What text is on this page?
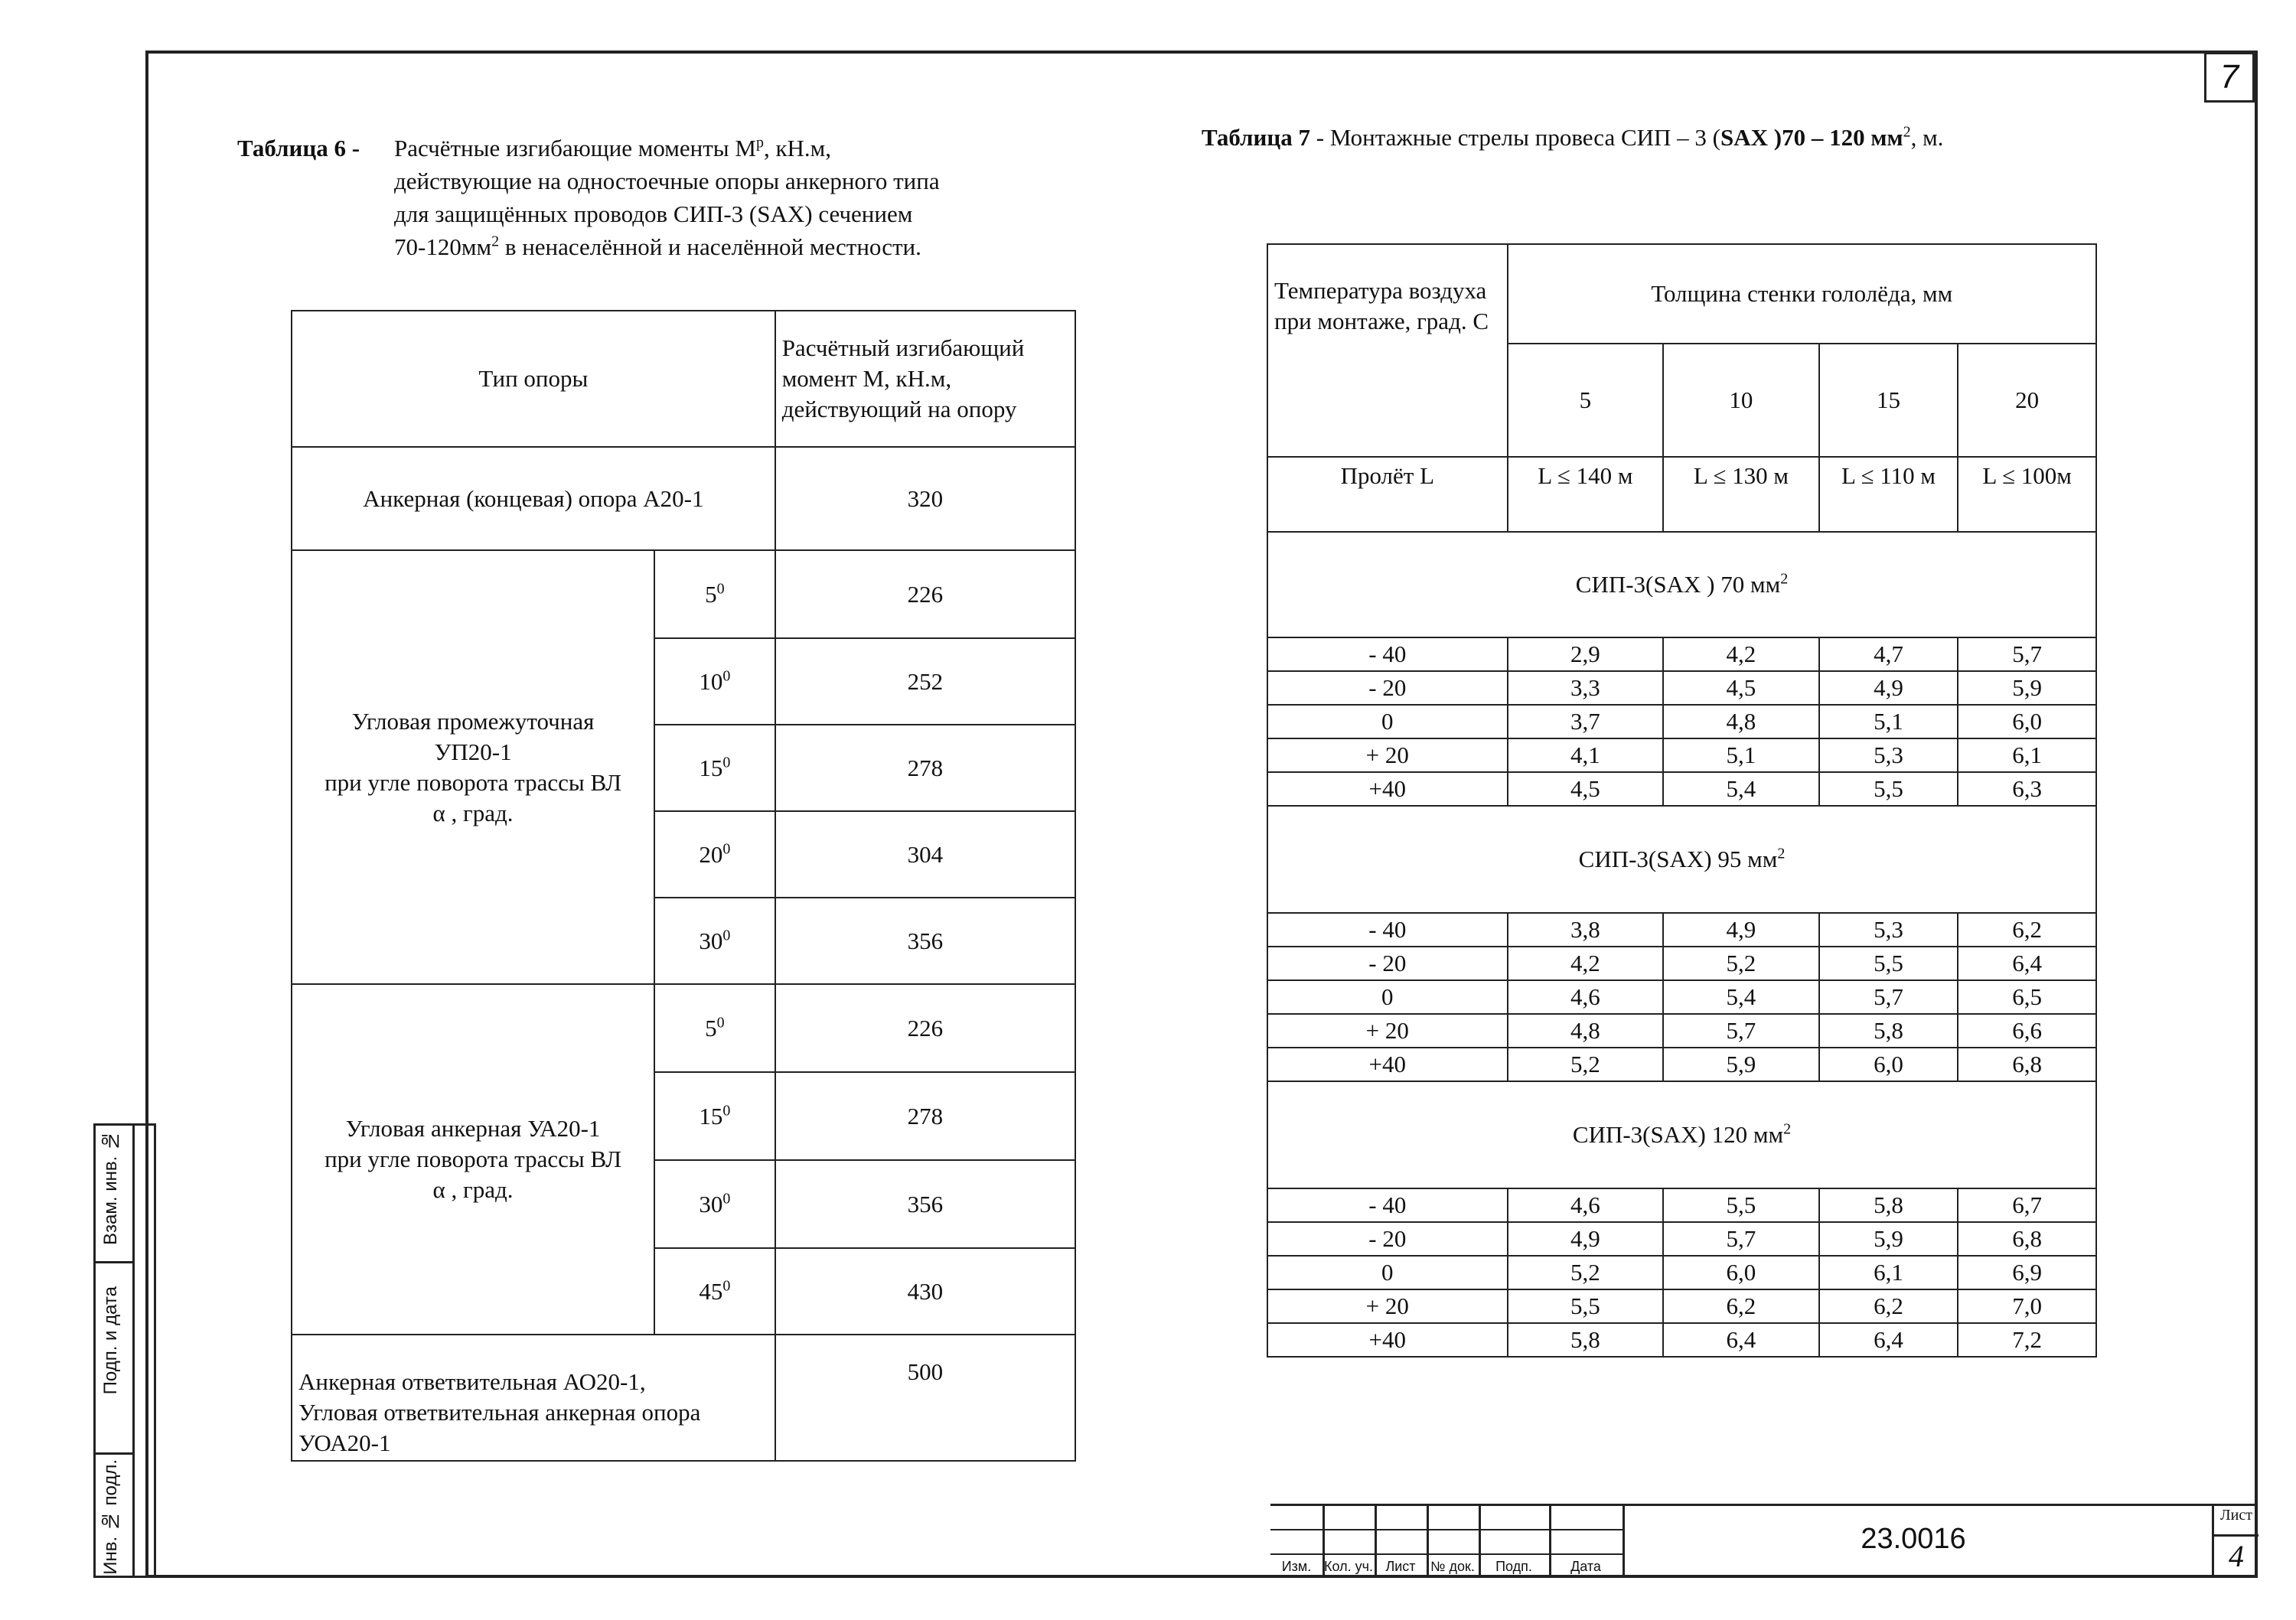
7
Таблица 6 - Расчётные изгибающие моменты $М^р$, кН.м,
действующие на одностоечные опоры анкерного типа
для защищённых проводов СИП-3 (SAX) сечением
$70-120мм^2$ в ненаселённой и населённой местности.
Тип опоры		Расчётный изгибающий момент М, кН.м, действующий на опору
Анкерная (концевая) опора А20-1		320

Угловая промежуточная
УП20-1
при угле поворота трассы ВЛ
α , град.	$5^0$	226
	$10^0$	252
	$15^0$	278
	$20^0$	304
	$30^0$	356

Угловая анкерная УА20-1
при угле поворота трассы ВЛ
α , град.	$5^0$	226
	$15^0$	278
	$30^0$	356
	$45^0$	430

Анкерная ответвительная АО20-1,
Угловая ответвительная анкерная опора
УОА20-1		500
Таблица 7 - Монтажные стрелы провеса СИП – 3 (SAX )70 – 120 $мм^2$, м.
Температура воздуха при монтаже, град. С	Толщина стенки гололёда, мм			
	5	10	15	20
Пролёт L	L ≤ 140 м	L ≤ 130 м	L ≤ 110 м	L ≤ 100м
СИП-3(SAX ) 70 $мм^2$
- 40	2,9	4,2	4,7	5,7
- 20	3,3	4,5	4,9	5,9
0	3,7	4,8	5,1	6,0
+ 20	4,1	5,1	5,3	6,1
+40	4,5	5,4	5,5	6,3
СИП-3(SAX) 95 $мм^2$
- 40	3,8	4,9	5,3	6,2
- 20	4,2	5,2	5,5	6,4
0	4,6	5,4	5,7	6,5
+ 20	4,8	5,7	5,8	6,6
+40	5,2	5,9	6,0	6,8
СИП-3(SAX) 120 $мм^2$
- 40	4,6	5,5	5,8	6,7
- 20	4,9	5,7	5,9	6,8
0	5,2	6,0	6,1	6,9
+ 20	5,5	6,2	6,2	7,0
+40	5,8	6,4	6,4	7,2
Взам. инв. №
Подп. и дата
Инв. № подл.	Изм. Кол. уч. Лист	№ док.	Подп.	Дата
23.0016
Лист
4
